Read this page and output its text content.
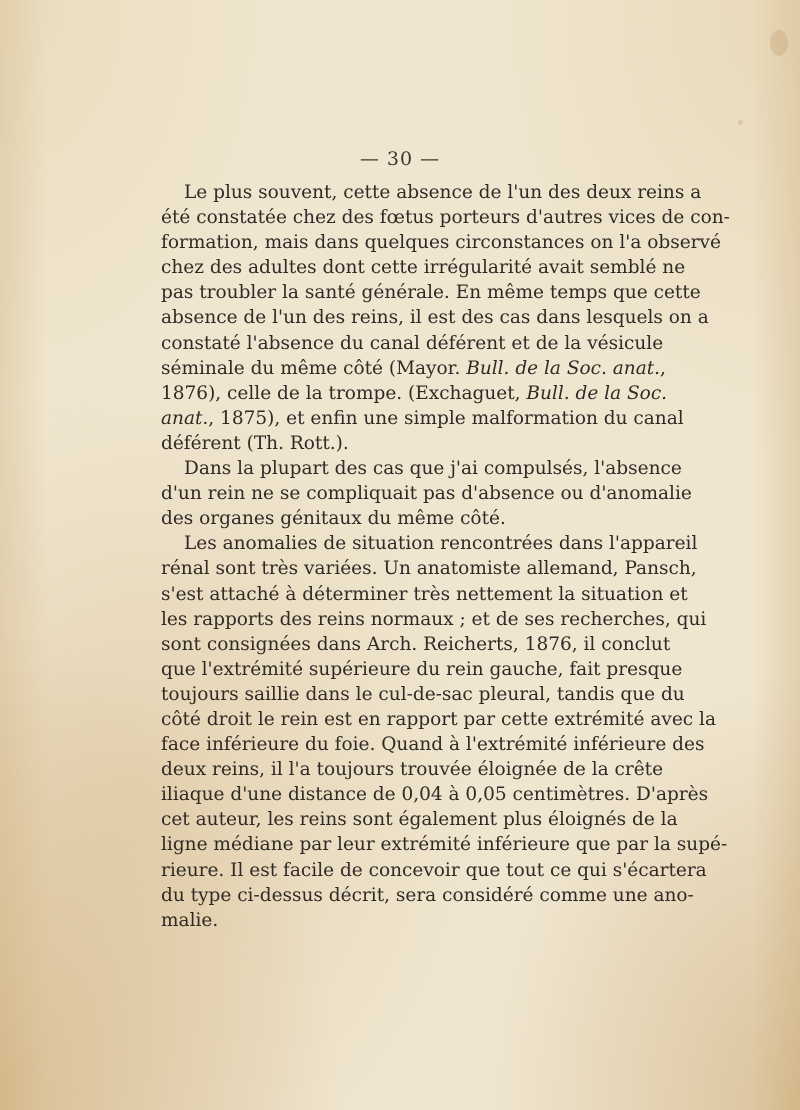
— 30 —
Le plus souvent, cette absence de l'un des deux reins a
été constatée chez des fœtus porteurs d'autres vices de con-
formation, mais dans quelques circonstances on l'a observé
chez des adultes dont cette irrégularité avait semblé ne
pas troubler la santé générale. En même temps que cette
absence de l'un des reins, il est des cas dans lesquels on a
constaté l'absence du canal déférent et de la vésicule
séminale du même côté (Mayor. Bull. de la Soc. anat.,
1876), celle de la trompe. (Exchaguet, Bull. de la Soc.
anat., 1875), et enfin une simple malformation du canal
déférent (Th. Rott.).
Dans la plupart des cas que j'ai compulsés, l'absence
d'un rein ne se compliquait pas d'absence ou d'anomalie
des organes génitaux du même côté.
Les anomalies de situation rencontrées dans l'appareil
rénal sont très variées. Un anatomiste allemand, Pansch,
s'est attaché à déterminer très nettement la situation et
les rapports des reins normaux ; et de ses recherches, qui
sont consignées dans Arch. Reicherts, 1876, il conclut
que l'extrémité supérieure du rein gauche, fait presque
toujours saillie dans le cul-de-sac pleural, tandis que du
côté droit le rein est en rapport par cette extrémité avec la
face inférieure du foie. Quand à l'extrémité inférieure des
deux reins, il l'a toujours trouvée éloignée de la crête
iliaque d'une distance de 0,04 à 0,05 centimètres. D'après
cet auteur, les reins sont également plus éloignés de la
ligne médiane par leur extrémité inférieure que par la supé-
rieure. Il est facile de concevoir que tout ce qui s'écartera
du type ci-dessus décrit, sera considéré comme une ano-
malie.
